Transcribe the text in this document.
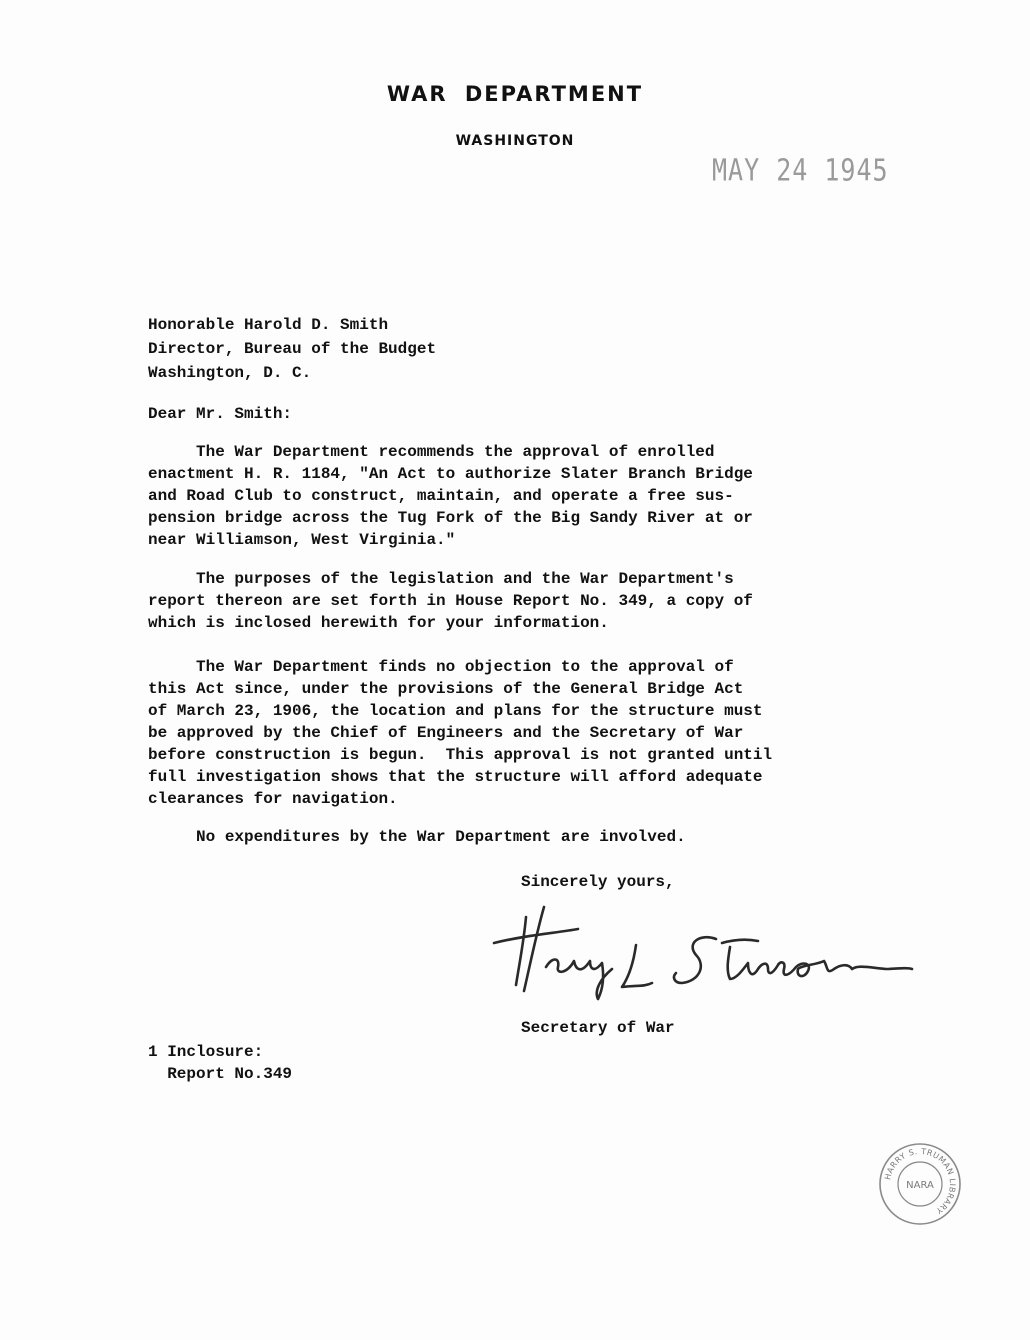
WAR DEPARTMENT
WASHINGTON
MAY 24 1945
Honorable Harold D. Smith
Director, Bureau of the Budget
Washington, D. C.
Dear Mr. Smith:
The War Department recommends the approval of enrolled
enactment H. R. 1184, "An Act to authorize Slater Branch Bridge
and Road Club to construct, maintain, and operate a free sus-
pension bridge across the Tug Fork of the Big Sandy River at or
near Williamson, West Virginia."
The purposes of the legislation and the War Department's
report thereon are set forth in House Report No. 349, a copy of
which is inclosed herewith for your information.
The War Department finds no objection to the approval of
this Act since, under the provisions of the General Bridge Act
of March 23, 1906, the location and plans for the structure must
be approved by the Chief of Engineers and the Secretary of War
before construction is begun.  This approval is not granted until
full investigation shows that the structure will afford adequate
clearances for navigation.
No expenditures by the War Department are involved.
Sincerely yours,
Secretary of War
1 Inclosure:
Report No.349
HARRY S. TRUMAN LIBRARY
NARA
